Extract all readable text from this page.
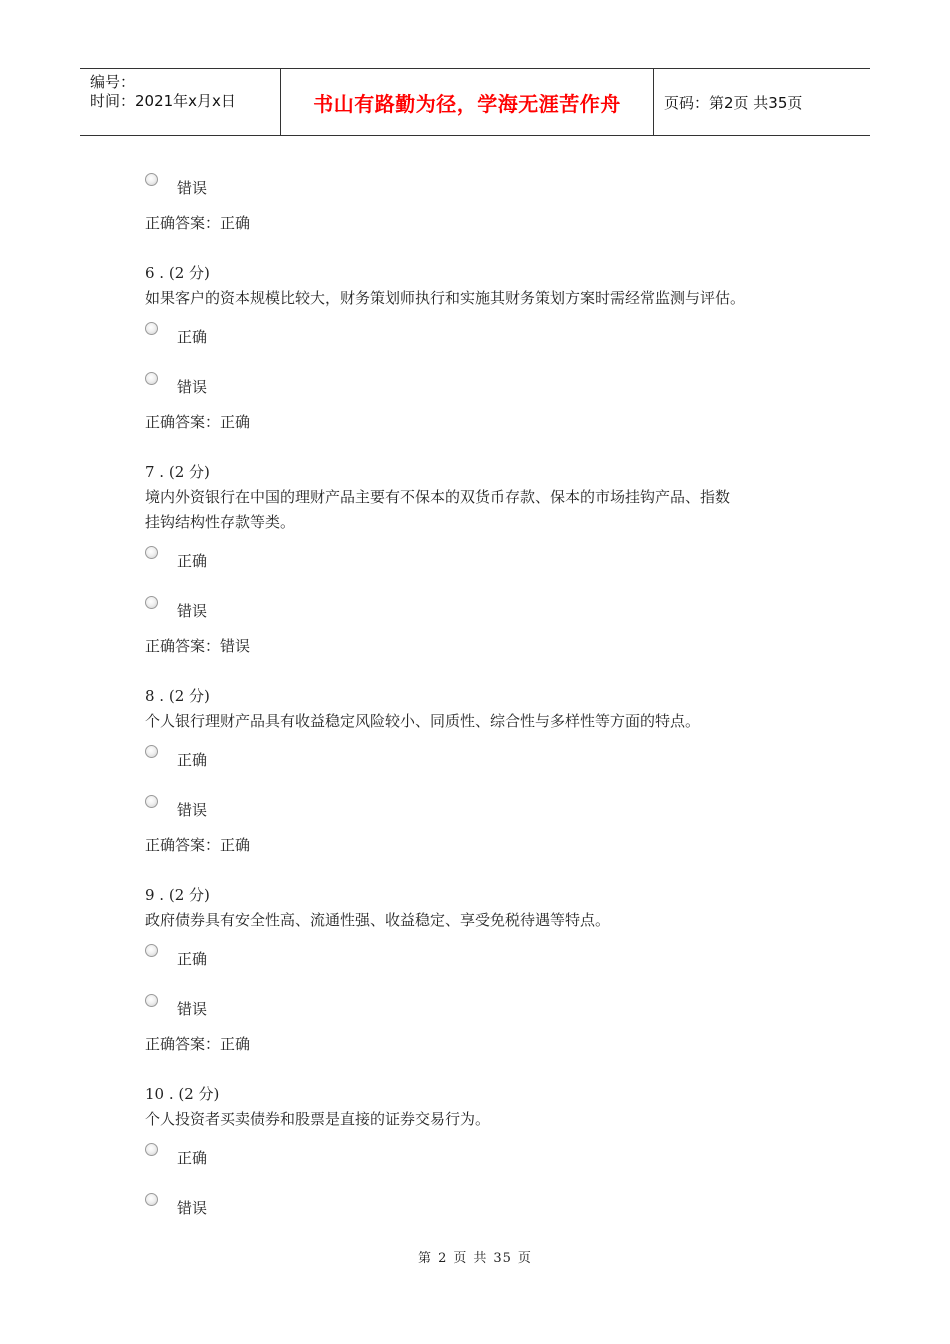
编号：
时间：2021年x月x日	书山有路勤为径，学海无涯苦作舟	页码：第2页 共35页
错误
正确答案：正确
6 . (2 分)
如果客户的资本规模比较大，财务策划师执行和实施其财务策划方案时需经常监测与评估。
正确
错误
正确答案：正确
7 . (2 分)
境内外资银行在中国的理财产品主要有不保本的双货币存款、保本的市场挂钩产品、指数
挂钩结构性存款等类。
正确
错误
正确答案：错误
8 . (2 分)
个人银行理财产品具有收益稳定风险较小、同质性、综合性与多样性等方面的特点。
正确
错误
正确答案：正确
9 . (2 分)
政府债券具有安全性高、流通性强、收益稳定、享受免税待遇等特点。
正确
错误
正确答案：正确
10 . (2 分)
个人投资者买卖债券和股票是直接的证券交易行为。
正确
错误
第 2 页 共 35 页
